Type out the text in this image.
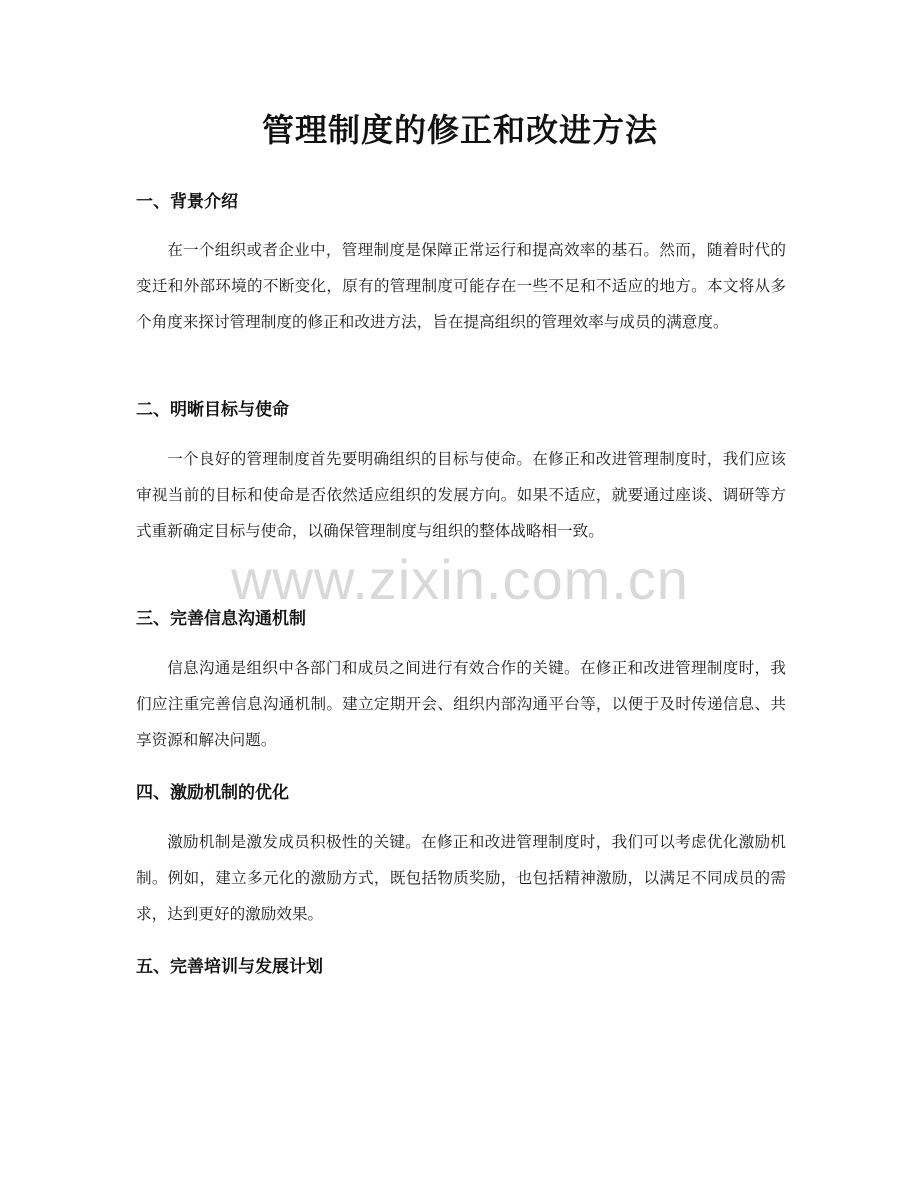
管理制度的修正和改进方法
一、背景介绍

在一个组织或者企业中，管理制度是保障正常运行和提高效率的基石。然而，随着时代的变迁和外部环境的不断变化，原有的管理制度可能存在一些不足和不适应的地方。本文将从多个角度来探讨管理制度的修正和改进方法，旨在提高组织的管理效率与成员的满意度。

二、明晰目标与使命

一个良好的管理制度首先要明确组织的目标与使命。在修正和改进管理制度时，我们应该审视当前的目标和使命是否依然适应组织的发展方向。如果不适应，就要通过座谈、调研等方式重新确定目标与使命，以确保管理制度与组织的整体战略相一致。

三、完善信息沟通机制

信息沟通是组织中各部门和成员之间进行有效合作的关键。在修正和改进管理制度时，我们应注重完善信息沟通机制。建立定期开会、组织内部沟通平台等，以便于及时传递信息、共享资源和解决问题。

四、激励机制的优化

激励机制是激发成员积极性的关键。在修正和改进管理制度时，我们可以考虑优化激励机制。例如，建立多元化的激励方式，既包括物质奖励，也包括精神激励，以满足不同成员的需求，达到更好的激励效果。

五、完善培训与发展计划
www.zixin.com.cn
